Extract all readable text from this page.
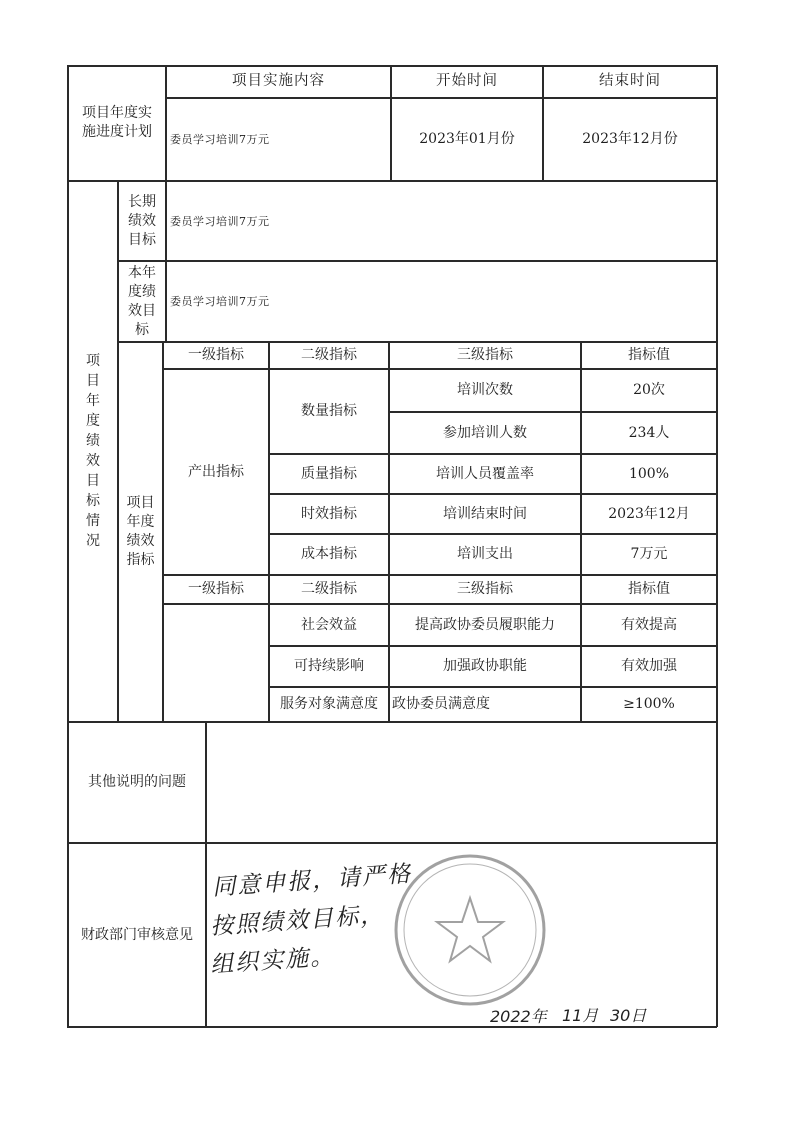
项目年度实
施进度计划
项目实施内容	开始时间	结束时间
委员学习培训7万元	2023年01月份	2023年12月份
项
目
年
度
绩
效
目
标
情
况
长期
绩效
目标
委员学习培训7万元
本年
度绩
效目
标
委员学习培训7万元
项目
年度
绩效
指标
一级指标	二级指标	三级指标	指标值
产出指标
数量指标
培训次数	20次
参加培训人数	234人
质量指标	培训人员覆盖率	100%
时效指标	培训结束时间	2023年12月
成本指标	培训支出	7万元
一级指标	二级指标	三级指标	指标值
社会效益	提高政协委员履职能力	有效提高
可持续影响	加强政协职能	有效加强
服务对象满意度	政协委员满意度	≥100%
其他说明的问题
财政部门审核意见
同意申报，请严格
按照绩效目标，
组织实施。
2022年 11月 30日
